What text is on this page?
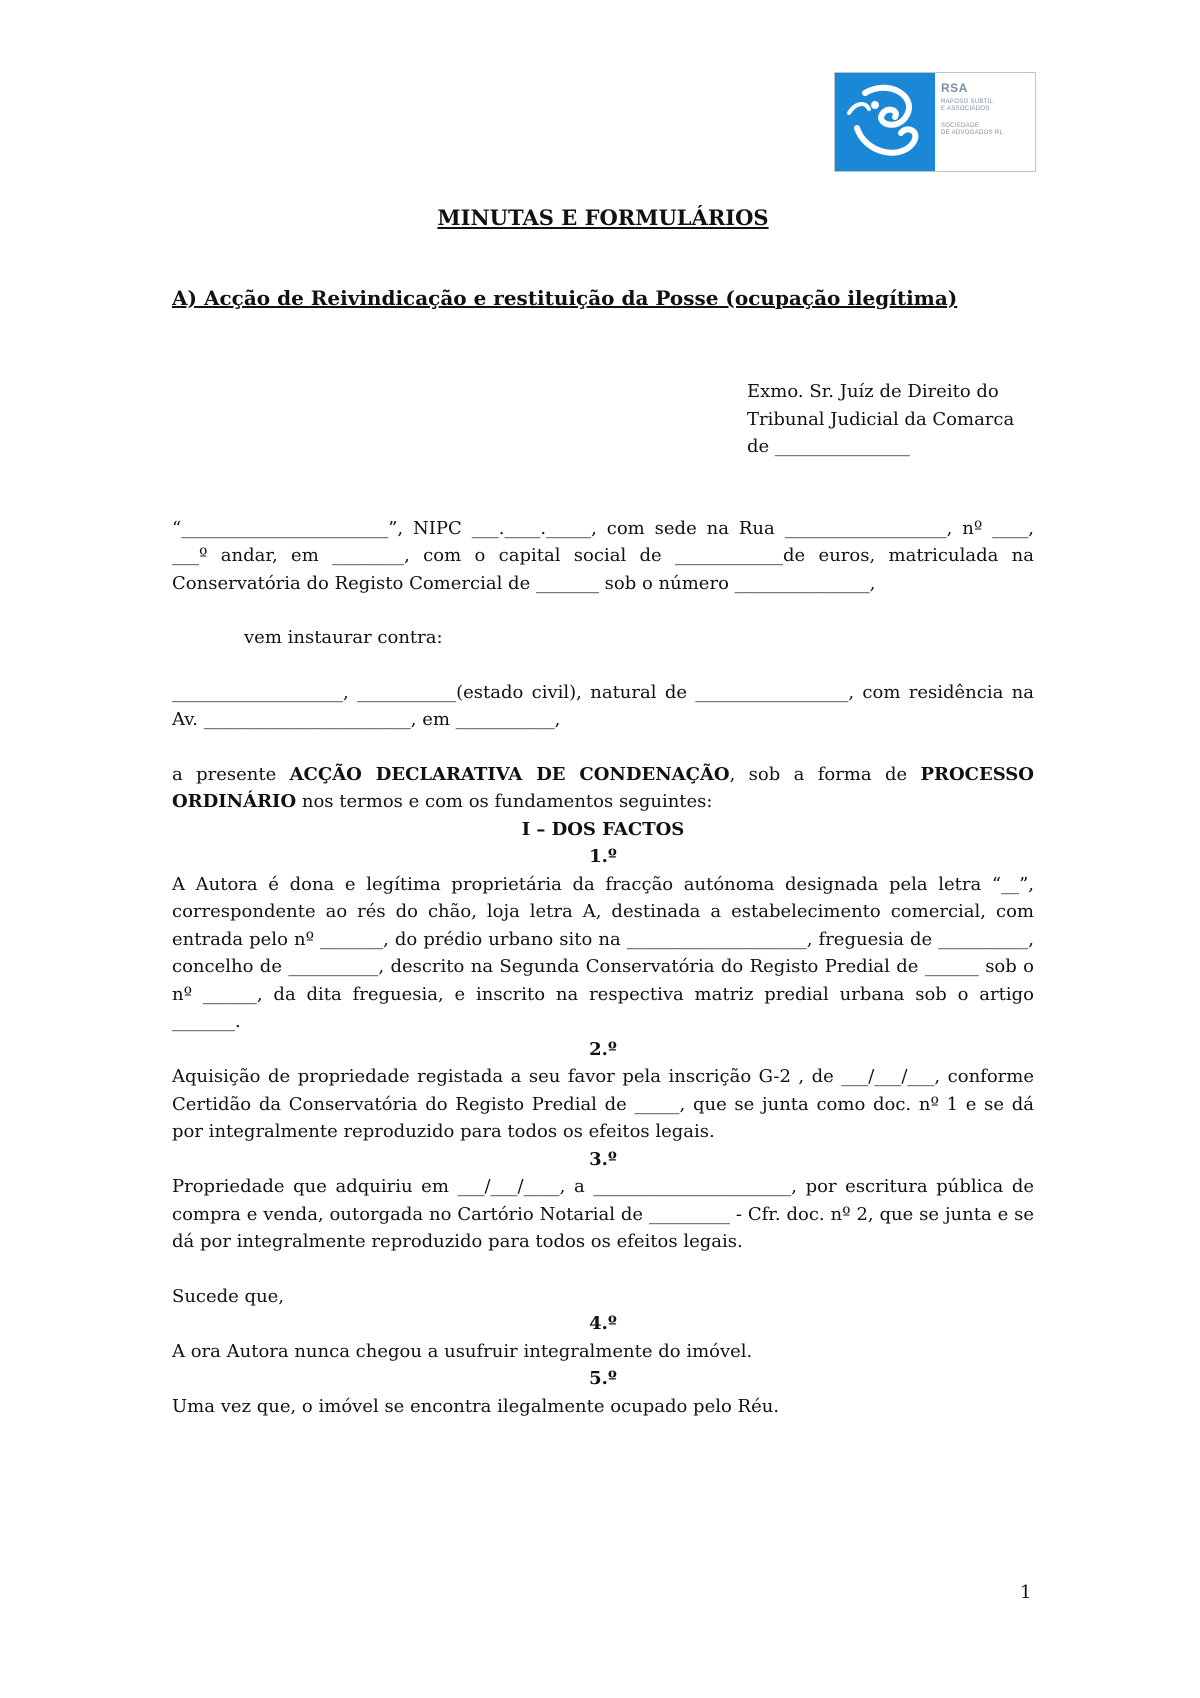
RSA
RAPOSO SUBTIL
E ASSOCIADOS
SOCIEDADE
DE ADVOGADOS RL
MINUTAS E FORMULÁRIOS
A) Acção de Reivindicação e restituição da Posse (ocupação ilegítima)
Exmo. Sr. Juíz de Direito do
Tribunal Judicial da Comarca
de _______________

“_______________________”, NIPC ___.____._____, com sede na Rua __________________, nº ____, ___º andar, em ________, com o capital social de ____________de euros, matriculada na Conservatória do Registo Comercial de _______ sob o número _______________,

vem instaurar contra:

___________________, ___________(estado civil), natural de _________________, com residência na Av. _______________________, em ___________,

a presente ACÇÃO DECLARATIVA DE CONDENAÇÃO, sob a forma de PROCESSO ORDINÁRIO nos termos e com os fundamentos seguintes:

I – DOS FACTOS

1.º

A Autora é dona e legítima proprietária da fracção autónoma designada pela letra “__”, correspondente ao rés do chão, loja letra A, destinada a estabelecimento comercial, com entrada pelo nº _______, do prédio urbano sito na ____________________, freguesia de __________, concelho de __________, descrito na Segunda Conservatória do Registo Predial de ______ sob o nº ______, da dita freguesia, e inscrito na respectiva matriz predial urbana sob o artigo _______.

2.º

Aquisição de propriedade registada a seu favor pela inscrição G-2 , de ___/___/___, conforme Certidão da Conservatória do Registo Predial de _____, que se junta como doc. nº 1 e se dá por integralmente reproduzido para todos os efeitos legais.

3.º

Propriedade que adquiriu em ___/___/____, a ______________________, por escritura pública de compra e venda, outorgada no Cartório Notarial de _________ - Cfr. doc. nº 2, que se junta e se dá por integralmente reproduzido para todos os efeitos legais.

Sucede que,

4.º

A ora Autora nunca chegou a usufruir integralmente do imóvel.

5.º

Uma vez que, o imóvel se encontra ilegalmente ocupado pelo Réu.

1
